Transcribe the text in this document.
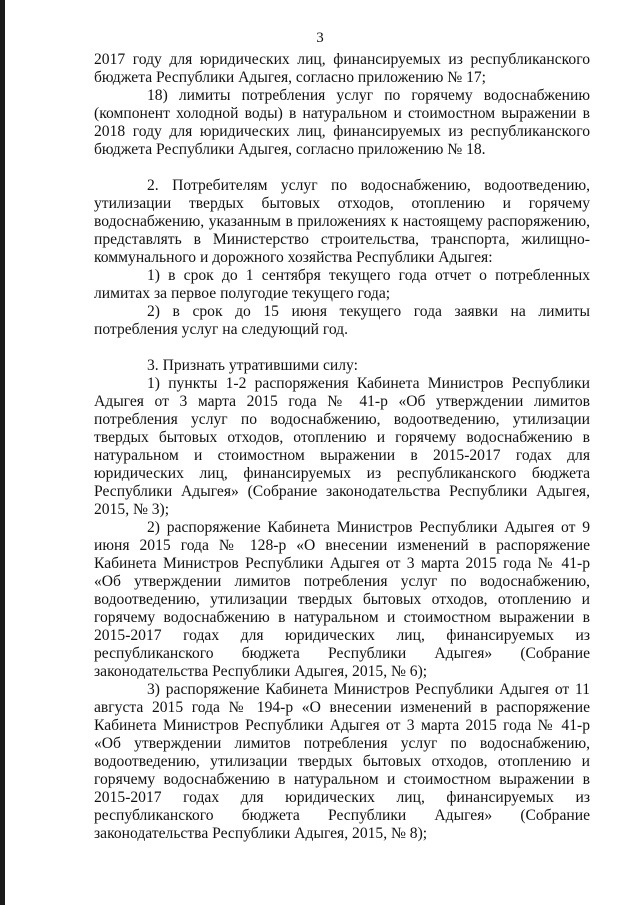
3

2017 году для юридических лиц, финансируемых из республиканского бюджета Республики Адыгея, согласно приложению № 17;

18) лимиты потребления услуг по горячему водоснабжению (компонент холодной воды) в натуральном и стоимостном выражении в 2018 году для юридических лиц, финансируемых из республиканского бюджета Республики Адыгея, согласно приложению № 18.

2. Потребителям услуг по водоснабжению, водоотведению, утилизации твердых бытовых отходов, отоплению и горячему водоснабжению, указанным в приложениях к настоящему распоряжению, представлять в Министерство строительства, транспорта, жилищно-коммунального и дорожного хозяйства Республики Адыгея:

1) в срок до 1 сентября текущего года отчет о потребленных лимитах за первое полугодие текущего года;

2) в срок до 15 июня текущего года заявки на лимиты потребления услуг на следующий год.

3. Признать утратившими силу:

1) пункты 1-2 распоряжения Кабинета Министров Республики Адыгея от 3 марта 2015 года № 41-р «Об утверждении лимитов потребления услуг по водоснабжению, водоотведению, утилизации твердых бытовых отходов, отоплению и горячему водоснабжению в натуральном и стоимостном выражении в 2015-2017 годах для юридических лиц, финансируемых из республиканского бюджета Республики Адыгея» (Собрание законодательства Республики Адыгея, 2015, № 3);

2) распоряжение Кабинета Министров Республики Адыгея от 9 июня 2015 года № 128-р «О внесении изменений в распоряжение Кабинета Министров Республики Адыгея от 3 марта 2015 года № 41-р «Об утверждении лимитов потребления услуг по водоснабжению, водоотведению, утилизации твердых бытовых отходов, отоплению и горячему водоснабжению в натуральном и стоимостном выражении в 2015-2017 годах для юридических лиц, финансируемых из республиканского бюджета Республики Адыгея» (Собрание законодательства Республики Адыгея, 2015, № 6);

3) распоряжение Кабинета Министров Республики Адыгея от 11 августа 2015 года № 194-р «О внесении изменений в распоряжение Кабинета Министров Республики Адыгея от 3 марта 2015 года № 41-р «Об утверждении лимитов потребления услуг по водоснабжению, водоотведению, утилизации твердых бытовых отходов, отоплению и горячему водоснабжению в натуральном и стоимостном выражении в 2015-2017 годах для юридических лиц, финансируемых из республиканского бюджета Республики Адыгея» (Собрание законодательства Республики Адыгея, 2015, № 8);
